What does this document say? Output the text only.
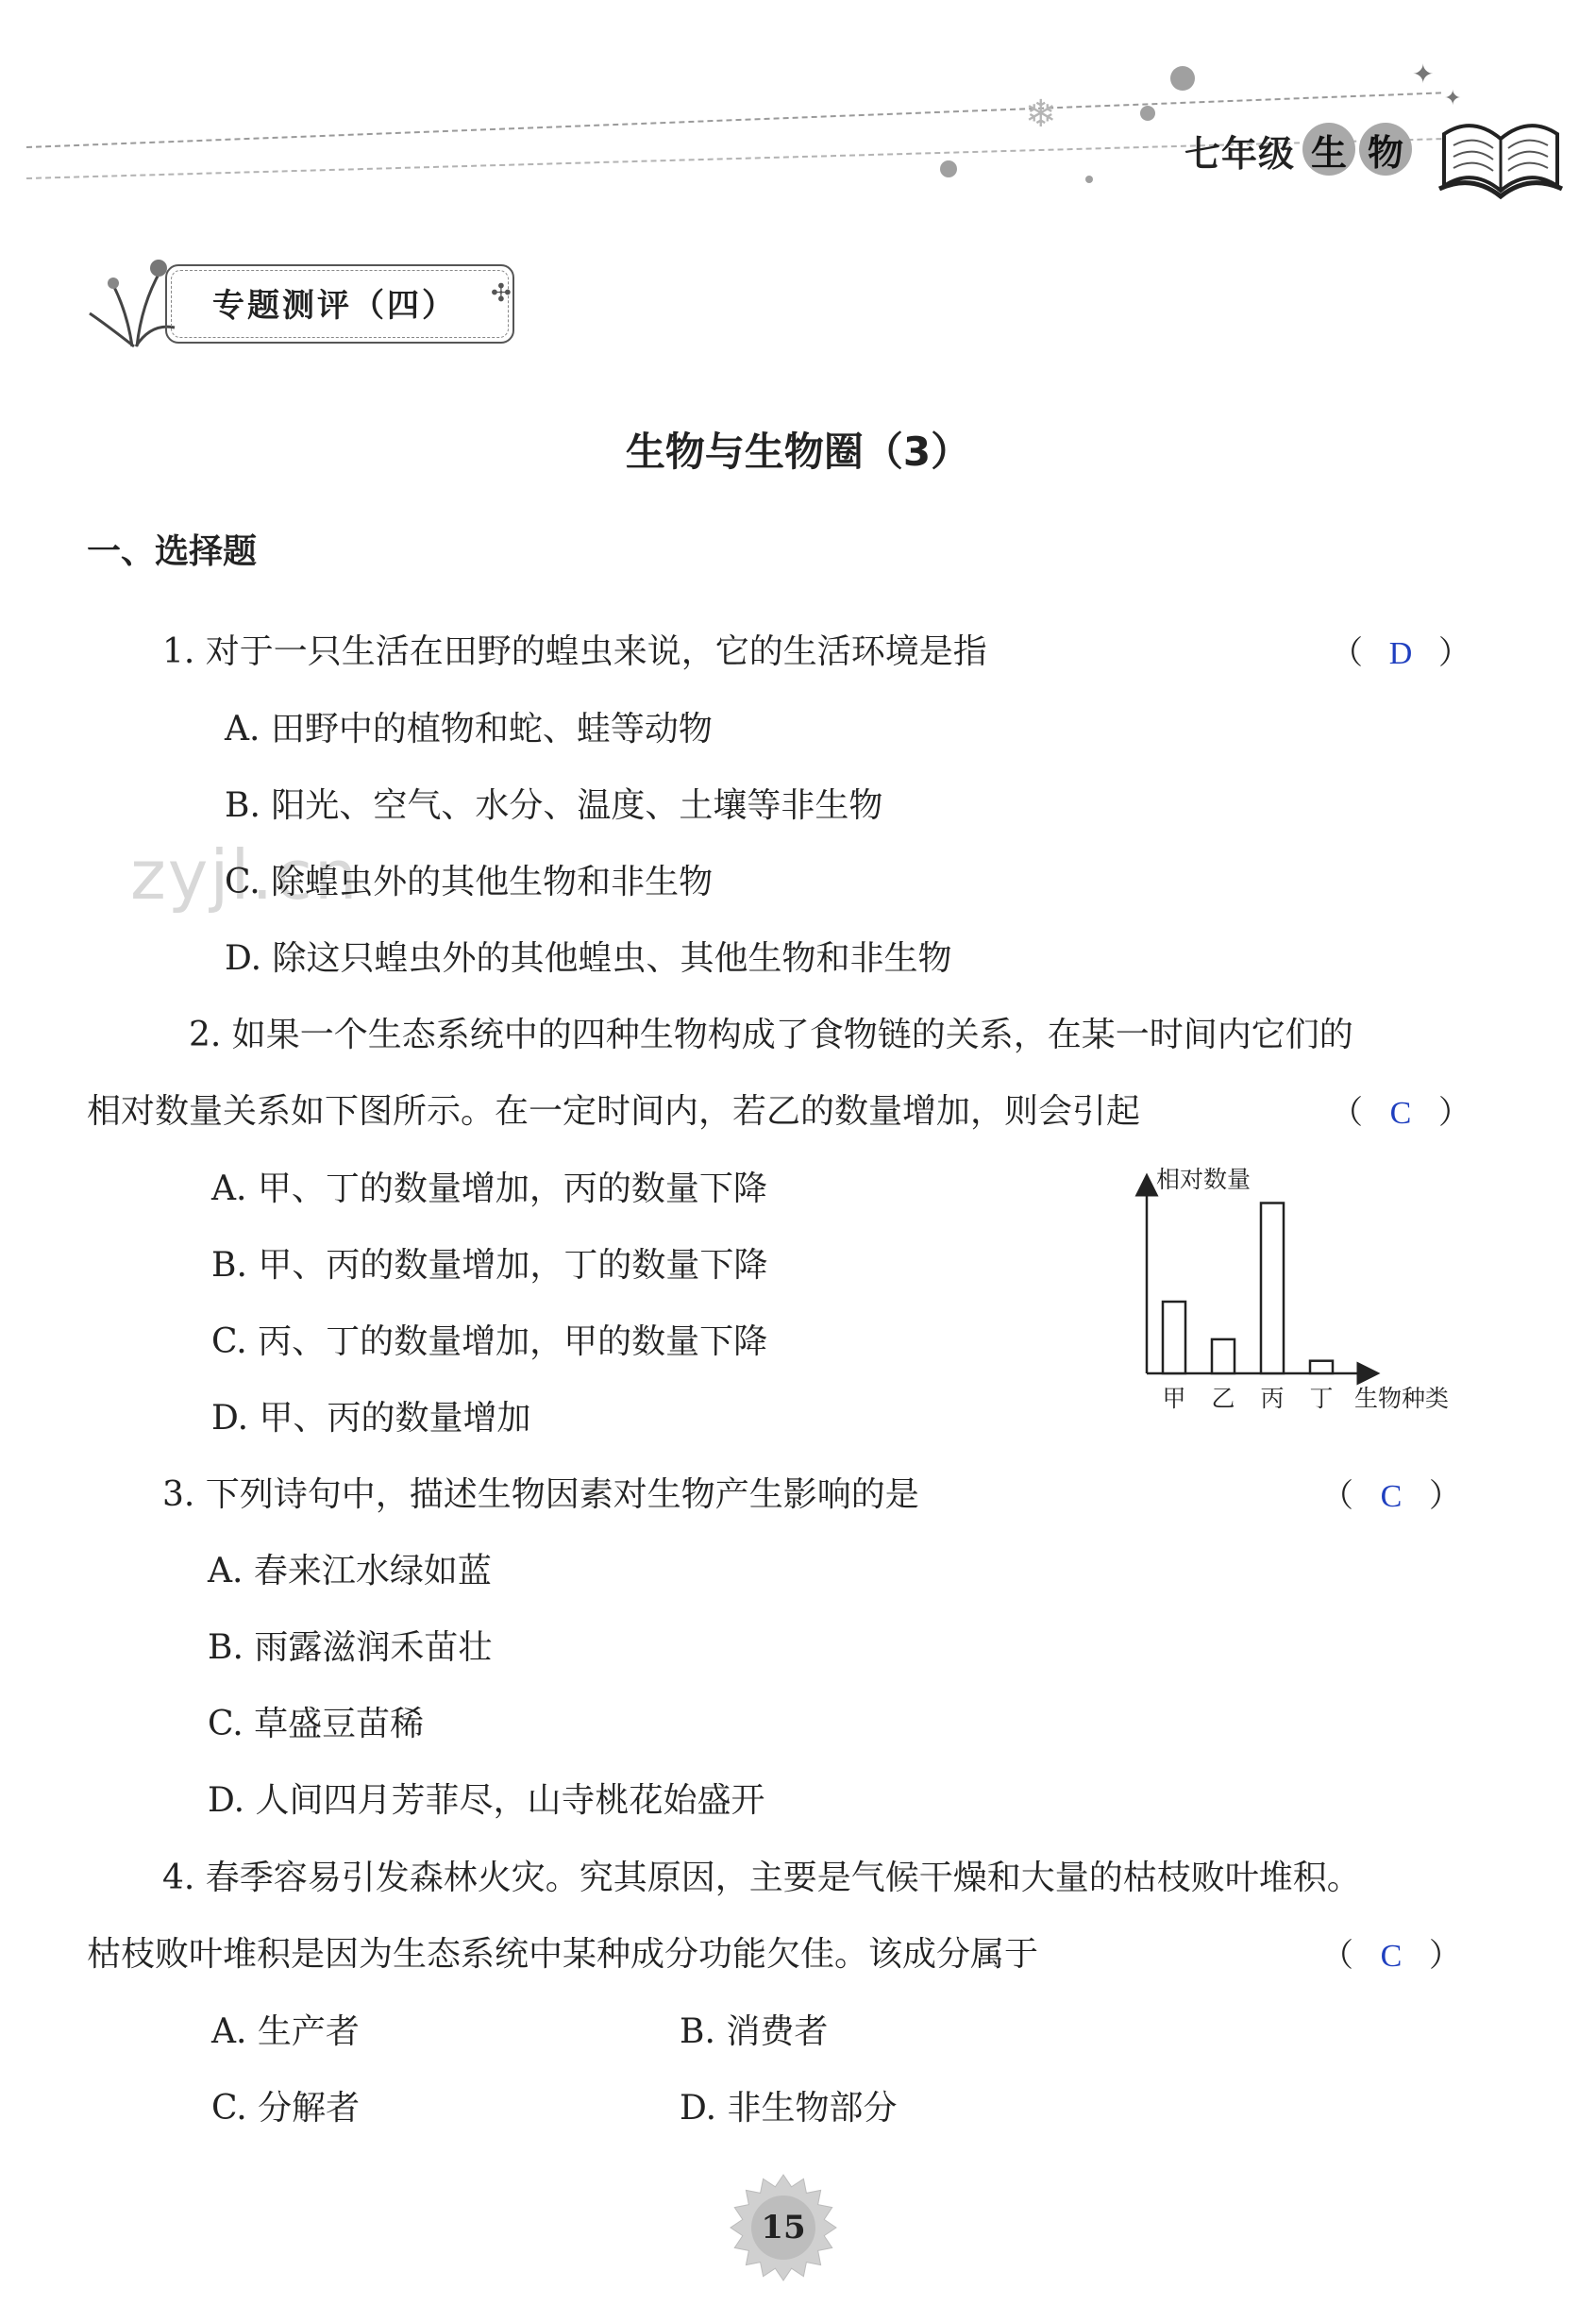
❄
✦
✦
七年级 生 物
专题测评（四） ✣
生物与生物圈（3）
一、选择题
zyjl.cn
1. 对于一只生活在田野的蝗虫来说，它的生活环境是指	（ D ）
A. 田野中的植物和蛇、蛙等动物
B. 阳光、空气、水分、温度、土壤等非生物
C. 除蝗虫外的其他生物和非生物
D. 除这只蝗虫外的其他蝗虫、其他生物和非生物
2. 如果一个生态系统中的四种生物构成了食物链的关系，在某一时间内它们的
相对数量关系如下图所示。在一定时间内，若乙的数量增加，则会引起	（ C ）
A. 甲、丁的数量增加，丙的数量下降
B. 甲、丙的数量增加，丁的数量下降
C. 丙、丁的数量增加，甲的数量下降
D. 甲、丙的数量增加
相对数量
生物种类
甲 乙 丙 丁
3. 下列诗句中，描述生物因素对生物产生影响的是	（ C ）
A. 春来江水绿如蓝
B. 雨露滋润禾苗壮
C. 草盛豆苗稀
D. 人间四月芳菲尽，山寺桃花始盛开
4. 春季容易引发森林火灾。究其原因，主要是气候干燥和大量的枯枝败叶堆积。
枯枝败叶堆积是因为生态系统中某种成分功能欠佳。该成分属于	（ C ）
A. 生产者	B. 消费者
C. 分解者	D. 非生物部分
15
